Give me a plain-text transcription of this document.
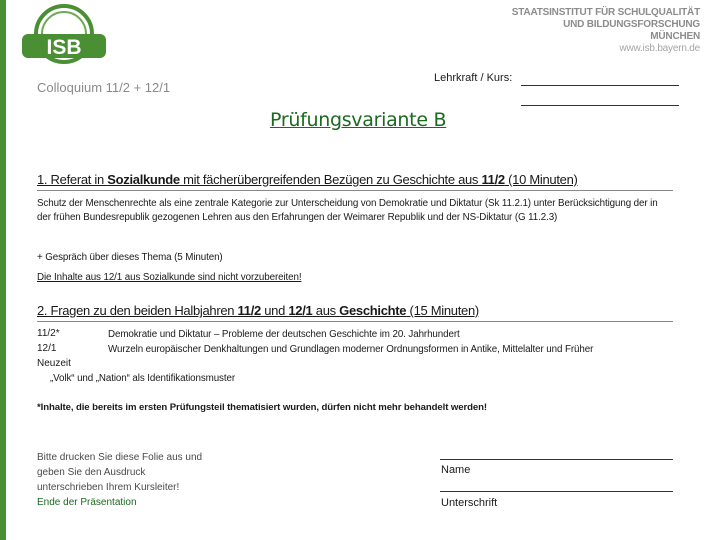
ISB
STAATSINSTITUT FÜR SCHULQUALITÄT
UND BILDUNGSFORSCHUNG
MÜNCHEN
www.isb.bayern.de
Colloquium 11/2 + 12/1
Lehrkraft / Kurs:
Prüfungsvariante B
1. Referat in Sozialkunde mit fächerübergreifenden Bezügen zu Geschichte aus 11/2 (10 Minuten)
Schutz der Menschenrechte als eine zentrale Kategorie zur Unterscheidung von Demokratie und Diktatur (Sk 11.2.1) unter Berücksichtigung der in der frühen Bundesrepublik gezogenen Lehren aus den Erfahrungen der Weimarer Republik und der NS-Diktatur (G 11.2.3)
+ Gespräch über dieses Thema (5 Minuten)
Die Inhalte aus 12/1 aus Sozialkunde sind nicht vorzubereiten!
2. Fragen zu den beiden Halbjahren 11/2 und 12/1 aus Geschichte (15 Minuten)
11/2*	Demokratie und Diktatur – Probleme der deutschen Geschichte im 20. Jahrhundert
12/1	Wurzeln europäischer Denkhaltungen und Grundlagen moderner Ordnungsformen in Antike, Mittelalter und Früher
Neuzeit
„Volk“ und „Nation“ als Identifikationsmuster
*Inhalte, die bereits im ersten Prüfungsteil thematisiert wurden, dürfen nicht mehr behandelt werden!
Bitte drucken Sie diese Folie aus und
geben Sie den Ausdruck
unterschrieben Ihrem Kursleiter!
Ende der Präsentation
Name
Unterschrift
